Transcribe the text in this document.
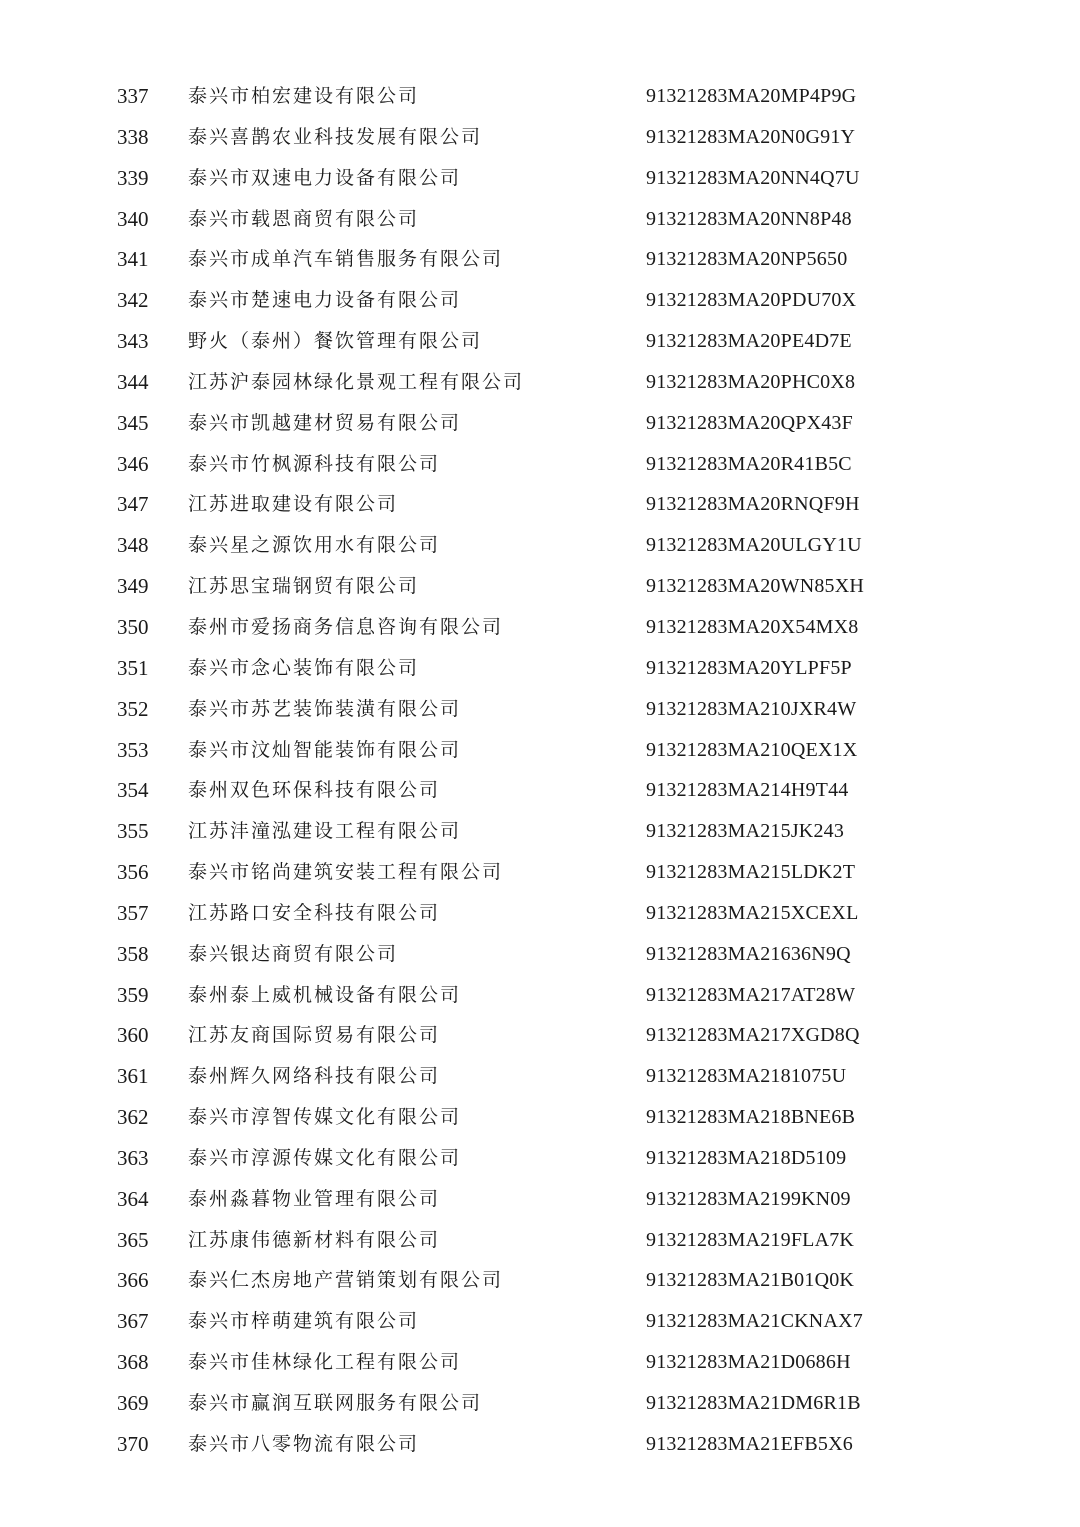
337 泰兴市柏宏建设有限公司	91321283MA20MP4P9G
338 泰兴喜鹊农业科技发展有限公司	91321283MA20N0G91Y
339 泰兴市双速电力设备有限公司	91321283MA20NN4Q7U
340 泰兴市载恩商贸有限公司	91321283MA20NN8P48
341 泰兴市成单汽车销售服务有限公司	91321283MA20NP5650
342 泰兴市楚速电力设备有限公司	91321283MA20PDU70X
343 野火（泰州）餐饮管理有限公司	91321283MA20PE4D7E
344 江苏沪泰园林绿化景观工程有限公司	91321283MA20PHC0X8
345 泰兴市凯越建材贸易有限公司	91321283MA20QPX43F
346 泰兴市竹枫源科技有限公司	91321283MA20R41B5C
347 江苏进取建设有限公司	91321283MA20RNQF9H
348 泰兴星之源饮用水有限公司	91321283MA20ULGY1U
349 江苏思宝瑞钢贸有限公司	91321283MA20WN85XH
350 泰州市爱扬商务信息咨询有限公司	91321283MA20X54MX8
351 泰兴市念心装饰有限公司	91321283MA20YLPF5P
352 泰兴市苏艺装饰装潢有限公司	91321283MA210JXR4W
353 泰兴市汶灿智能装饰有限公司	91321283MA210QEX1X
354 泰州双色环保科技有限公司	91321283MA214H9T44
355 江苏沣潼泓建设工程有限公司	91321283MA215JK243
356 泰兴市铭尚建筑安装工程有限公司	91321283MA215LDK2T
357 江苏路口安全科技有限公司	91321283MA215XCEXL
358 泰兴银达商贸有限公司	91321283MA21636N9Q
359 泰州泰上威机械设备有限公司	91321283MA217AT28W
360 江苏友商国际贸易有限公司	91321283MA217XGD8Q
361 泰州辉久网络科技有限公司	91321283MA2181075U
362 泰兴市淳智传媒文化有限公司	91321283MA218BNE6B
363 泰兴市淳源传媒文化有限公司	91321283MA218D5109
364 泰州淼暮物业管理有限公司	91321283MA2199KN09
365 江苏康伟德新材料有限公司	91321283MA219FLA7K
366 泰兴仁杰房地产营销策划有限公司	91321283MA21B01Q0K
367 泰兴市梓萌建筑有限公司	91321283MA21CKNAX7
368 泰兴市佳林绿化工程有限公司	91321283MA21D0686H
369 泰兴市赢润互联网服务有限公司	91321283MA21DM6R1B
370 泰兴市八零物流有限公司	91321283MA21EFB5X6
